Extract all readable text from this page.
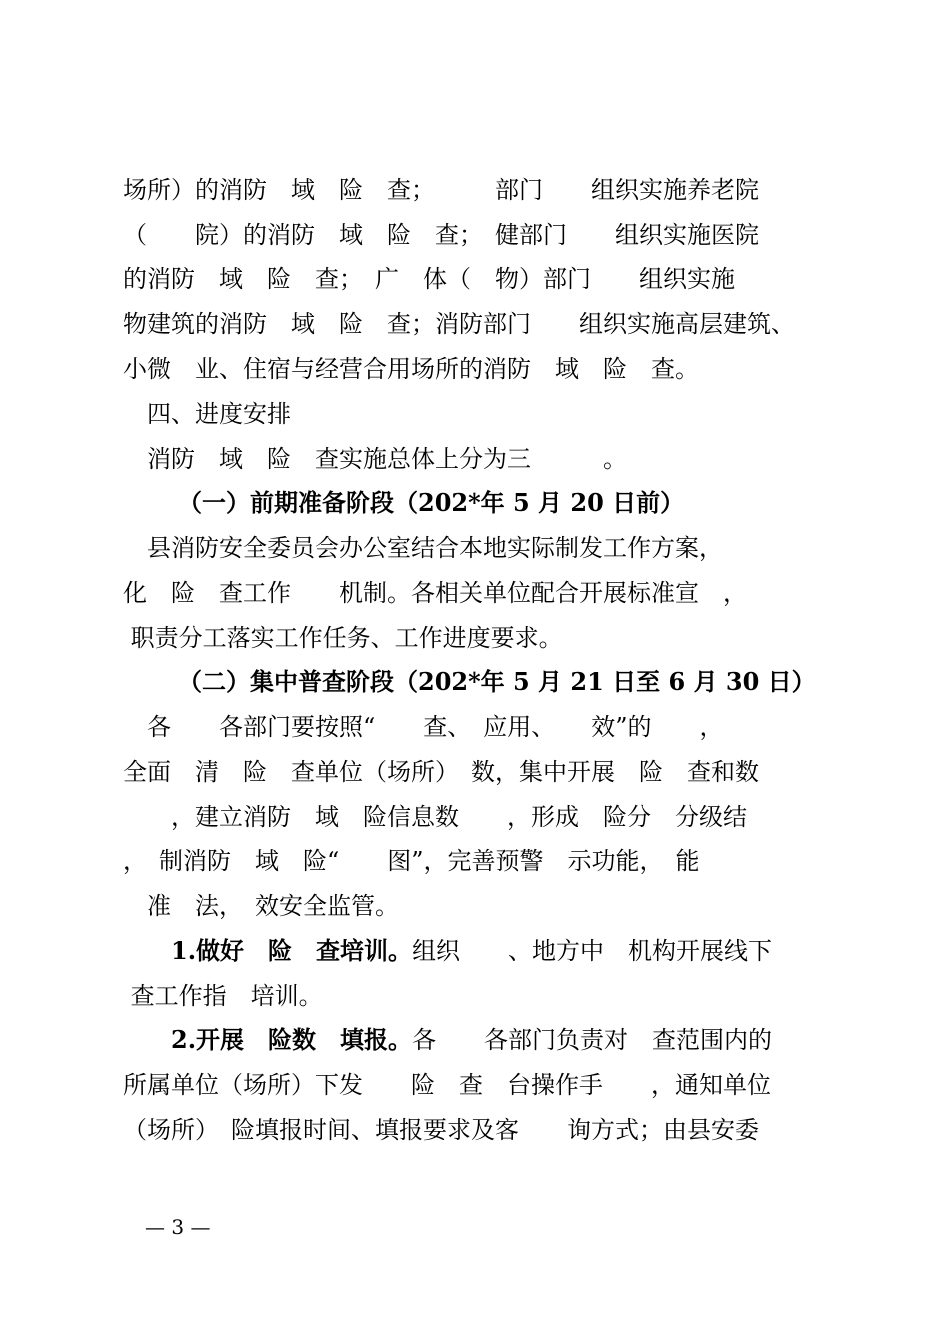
场所）的消防　域　险　查；　　　部门　　组织实施养老院
（　　院）的消防　域　险　查；　健部门　　组织实施医院
的消防　域　险　查；　广　体（　物）部门　　组织实施
物建筑的消防　域　险　查；消防部门　　组织实施高层建筑、
小微　业、住宿与经营合用场所的消防　域　险　查。
　四、进度安排
　消防　域　险　查实施总体上分为三　　　。
（一）前期准备阶段（202*年 5 月 20 日前）
　县消防安全委员会办公室结合本地实际制发工作方案，
化　险　查工作　　机制。各相关单位配合开展标准宣　，
职责分工落实工作任务、工作进度要求。
（二）集中普查阶段（202*年 5 月 21 日至 6 月 30 日）
　各　　各部门要按照“　　查、　应用、　　效”的　　，
全面　清　险　查单位（场所）　数，集中开展　险　查和数
　　，建立消防　域　险信息数　　，形成　险分　分级结
，　制消防　域　险“　　图”，完善预警　示功能，　能
　准　法，　效安全监管。
1.做好　险　查培训。组织　　、地方中　机构开展线下
查工作指　培训。
2.开展　险数　填报。各　　各部门负责对　查范围内的
所属单位（场所）下发　　险　查　台操作手　　，通知单位
（场所）　险填报时间、填报要求及客　　询方式；由县安委
— 3 —
